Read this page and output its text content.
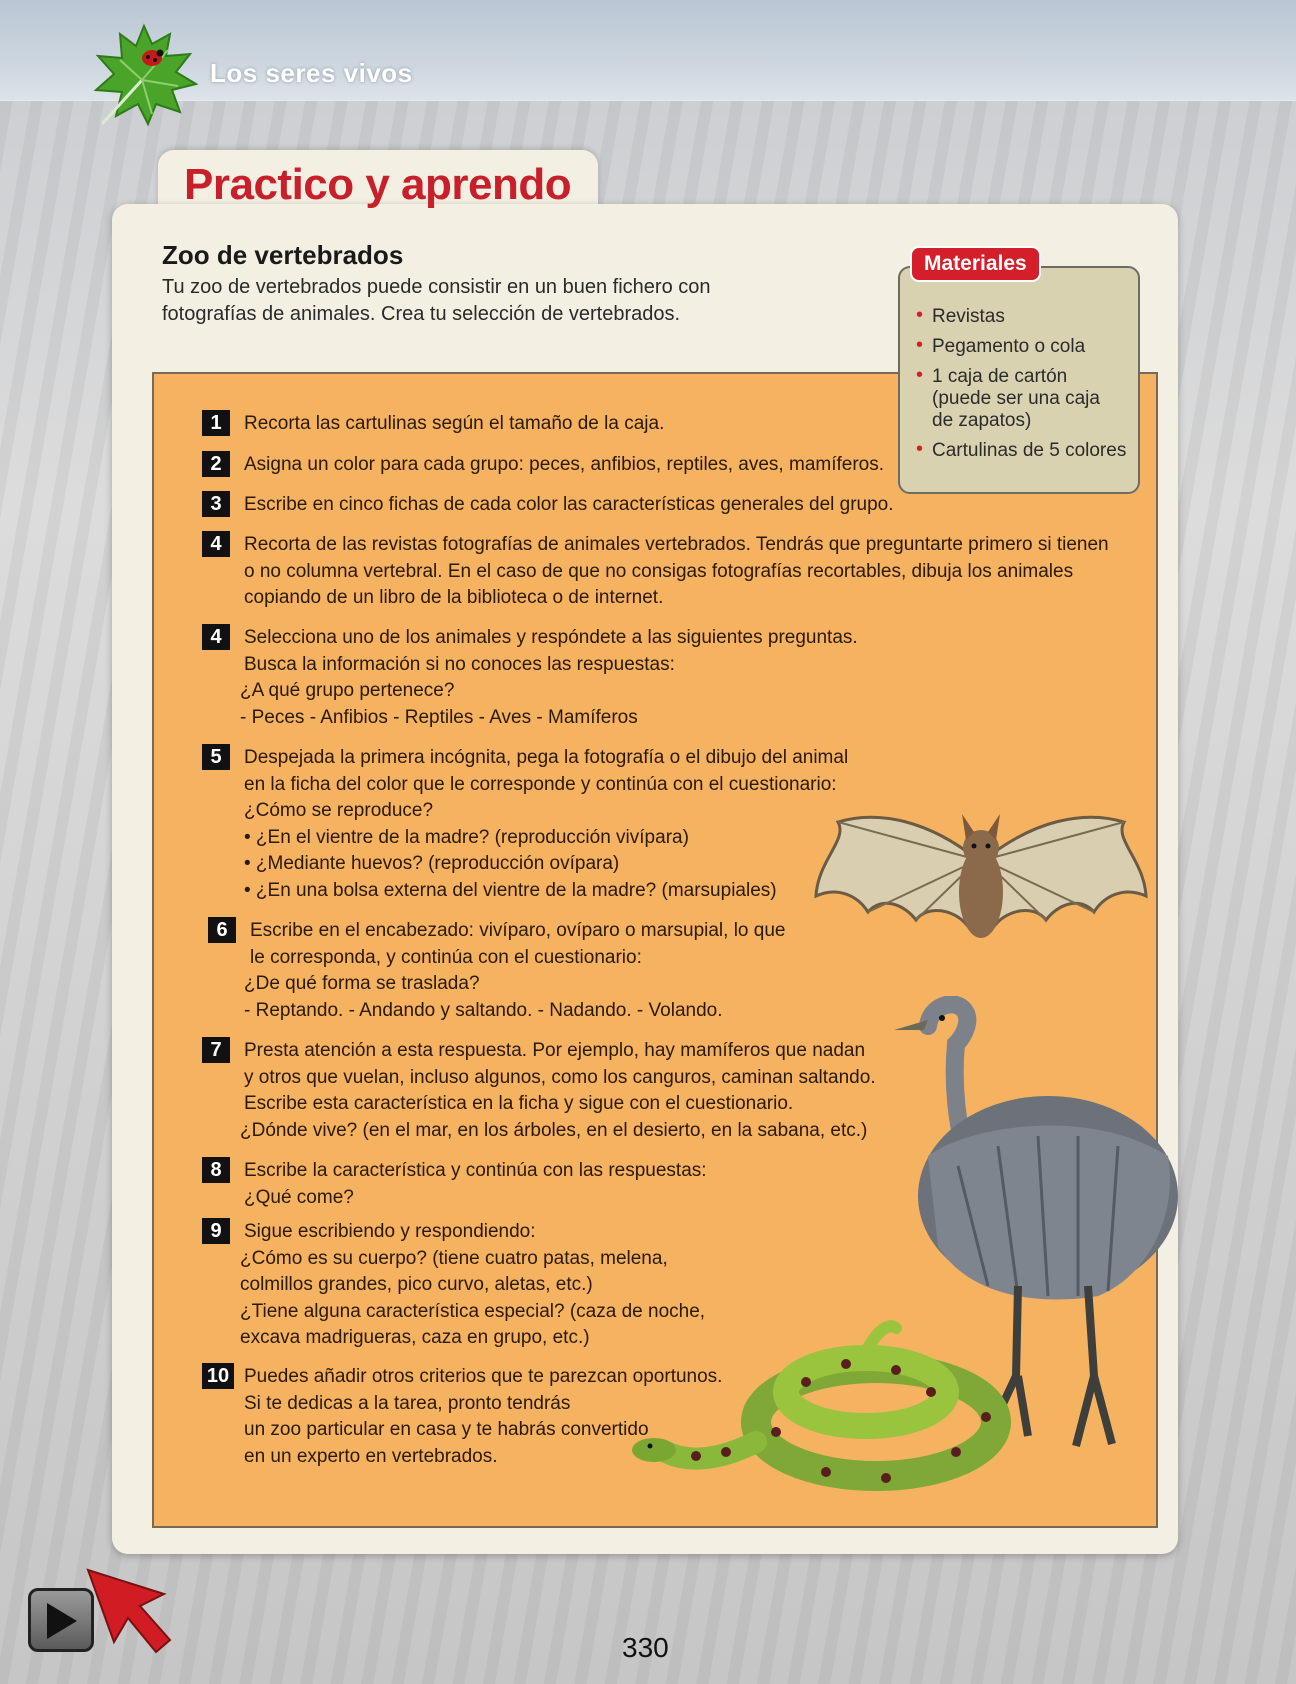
Los seres vivos
Practico y aprendo
Zoo de vertebrados
Tu zoo de vertebrados puede consistir en un buen fichero con
fotografías de animales. Crea tu selección de vertebrados.
Materiales
• Revistas
• Pegamento o cola
• 1 caja de cartón
(puede ser una caja
de zapatos)
• Cartulinas de 5 colores
1	Recorta las cartulinas según el tamaño de la caja.
2	Asigna un color para cada grupo: peces, anfibios, reptiles, aves, mamíferos.
3	Escribe en cinco fichas de cada color las características generales del grupo.
4	Recorta de las revistas fotografías de animales vertebrados. Tendrás que preguntarte primero si tienen
o no columna vertebral. En el caso de que no consigas fotografías recortables, dibuja los animales
copiando de un libro de la biblioteca o de internet.
4	Selecciona uno de los animales y respóndete a las siguientes preguntas.
Busca la información si no conoces las respuestas:
¿A qué grupo pertenece?
- Peces - Anfibios - Reptiles - Aves - Mamíferos
5	Despejada la primera incógnita, pega la fotografía o el dibujo del animal
en la ficha del color que le corresponde y continúa con el cuestionario:
¿Cómo se reproduce?
• ¿En el vientre de la madre? (reproducción vivípara)
• ¿Mediante huevos? (reproducción ovípara)
• ¿En una bolsa externa del vientre de la madre? (marsupiales)
6	Escribe en el encabezado: vivíparo, ovíparo o marsupial, lo que
le corresponda, y continúa con el cuestionario:
¿De qué forma se traslada?
- Reptando. - Andando y saltando. - Nadando. - Volando.
7	Presta atención a esta respuesta. Por ejemplo, hay mamíferos que nadan
y otros que vuelan, incluso algunos, como los canguros, caminan saltando.
Escribe esta característica en la ficha y sigue con el cuestionario.
¿Dónde vive? (en el mar, en los árboles, en el desierto, en la sabana, etc.)
8	Escribe la característica y continúa con las respuestas:
¿Qué come?
9	Sigue escribiendo y respondiendo:
¿Cómo es su cuerpo? (tiene cuatro patas, melena,
colmillos grandes, pico curvo, aletas, etc.)
¿Tiene alguna característica especial? (caza de noche,
excava madrigueras, caza en grupo, etc.)
10 Puedes añadir otros criterios que te parezcan oportunos.
Si te dedicas a la tarea, pronto tendrás
un zoo particular en casa y te habrás convertido
en un experto en vertebrados.
330
